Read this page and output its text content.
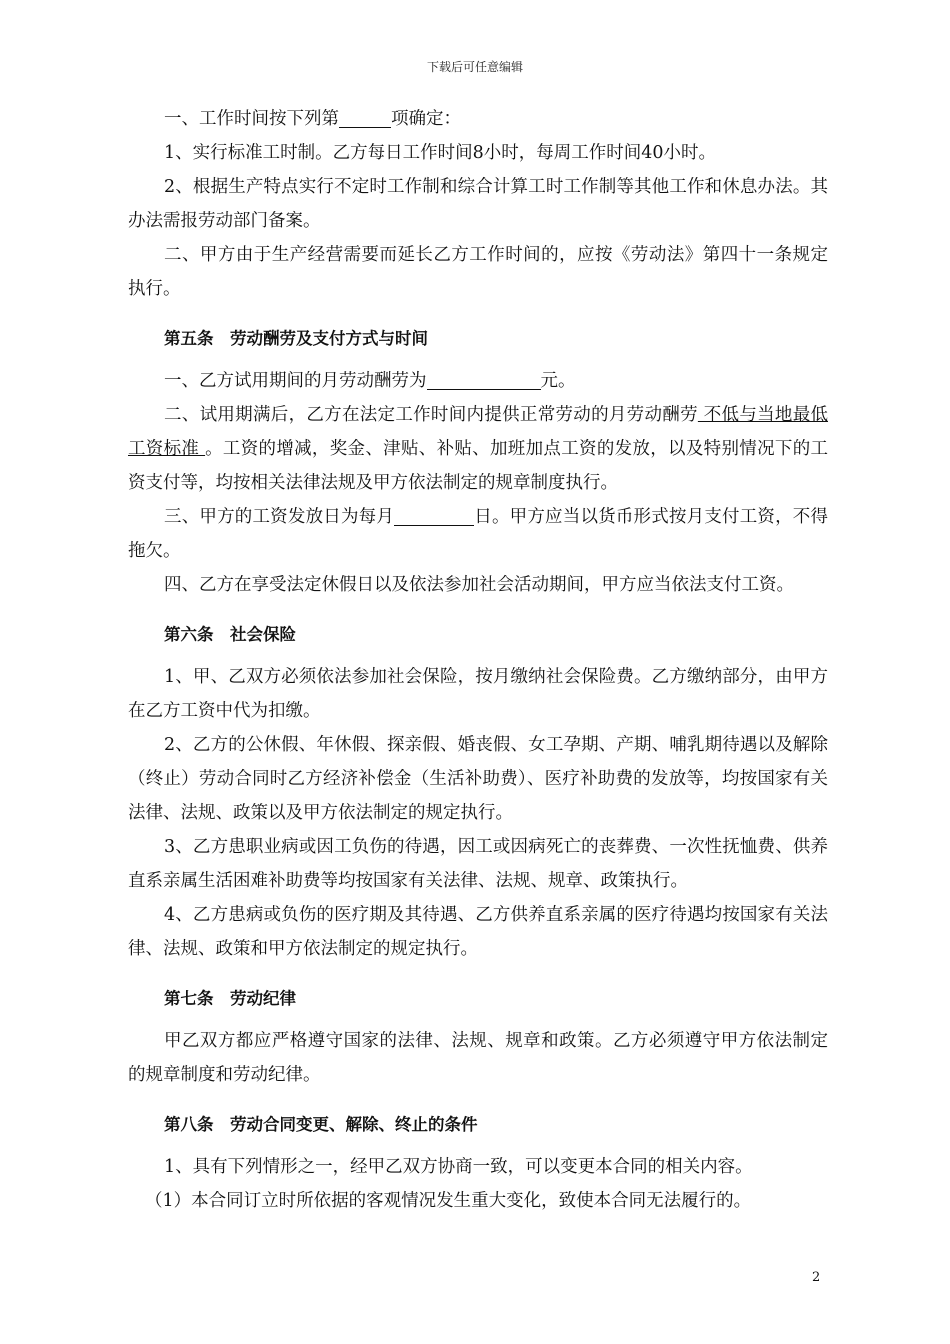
下载后可任意编辑

一、工作时间按下列第	项确定：

1、实行标准工时制。乙方每日工作时间8小时，每周工作时间40小时。

2、根据生产特点实行不定时工作制和综合计算工时工作制等其他工作和休息办法。其办法需报劳动部门备案。

二、甲方由于生产经营需要而延长乙方工作时间的，应按《劳动法》第四十一条规定执行。

第五条　劳动酬劳及支付方式与时间

一、乙方试用期间的月劳动酬劳为	元。

二、试用期满后，乙方在法定工作时间内提供正常劳动的月劳动酬劳 不低与当地最低工资标准 。工资的增减，奖金、津贴、补贴、加班加点工资的发放，以及特别情况下的工资支付等，均按相关法律法规及甲方依法制定的规章制度执行。

三、甲方的工资发放日为每月	日。甲方应当以货币形式按月支付工资，不得拖欠。

四、乙方在享受法定休假日以及依法参加社会活动期间，甲方应当依法支付工资。

第六条　社会保险

1、甲、乙双方必须依法参加社会保险，按月缴纳社会保险费。乙方缴纳部分，由甲方在乙方工资中代为扣缴。

2、乙方的公休假、年休假、探亲假、婚丧假、女工孕期、产期、哺乳期待遇以及解除（终止）劳动合同时乙方经济补偿金（生活补助费）、医疗补助费的发放等，均按国家有关法律、法规、政策以及甲方依法制定的规定执行。

3、乙方患职业病或因工负伤的待遇，因工或因病死亡的丧葬费、一次性抚恤费、供养直系亲属生活困难补助费等均按国家有关法律、法规、规章、政策执行。

4、乙方患病或负伤的医疗期及其待遇、乙方供养直系亲属的医疗待遇均按国家有关法律、法规、政策和甲方依法制定的规定执行。

第七条　劳动纪律

甲乙双方都应严格遵守国家的法律、法规、规章和政策。乙方必须遵守甲方依法制定的规章制度和劳动纪律。

第八条　劳动合同变更、解除、终止的条件

1、具有下列情形之一，经甲乙双方协商一致，可以变更本合同的相关内容。

（1）本合同订立时所依据的客观情况发生重大变化，致使本合同无法履行的。

2
